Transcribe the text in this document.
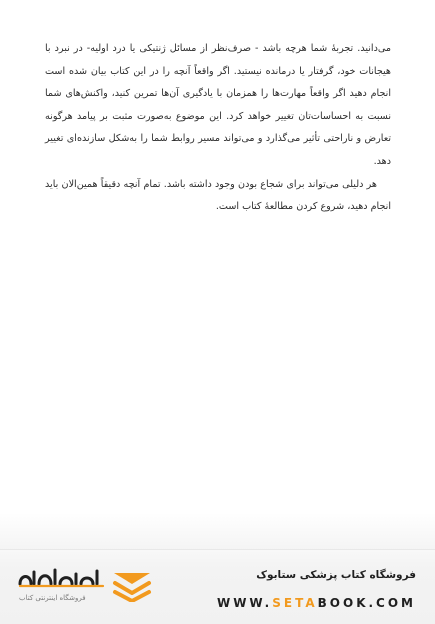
می‌دانید. تجربهٔ شما هرچه باشد - صرف‌نظر از مسائل ژنتیکی یا درد اولیه- در نبرد با هیجانات خود، گرفتار یا درمانده نیستید. اگر واقعاً آنچه را در این کتاب بیان شده است انجام دهید اگر واقعاً مهارت‌ها را همزمان با یادگیری آن‌ها تمرین کنید، واکنش‌های شما نسبت به احساسات‌تان تغییر خواهد کرد. این موضوع به‌صورت مثبت بر پیامد هرگونه تعارض و ناراحتی تأثیر می‌گذارد و می‌تواند مسیر روابط شما را به‌شکل سازنده‌ای تغییر دهد.

هر دلیلی می‌تواند برای شجاع بودن وجود داشته باشد. تمام آنچه دقیقاً همین‌الان باید انجام دهید، شروع کردن مطالعهٔ کتاب است.

فروشگاه کتاب پزشکی ستابوک
WWW.SETABOOK.COM
فروشگاه اینترنتی کتاب
